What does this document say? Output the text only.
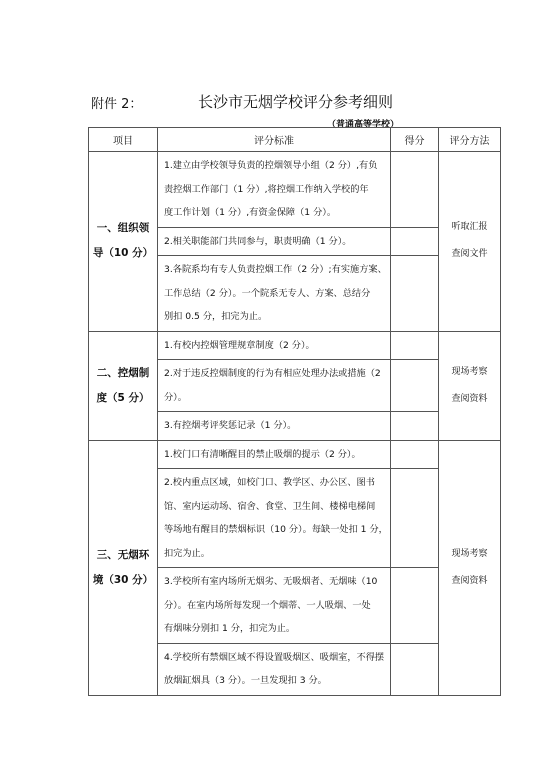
附件 2：	长沙市无烟学校评分参考细则
（普通高等学校）
项目	评分标准	得分	评分方法

一、组织领
导（10 分）	1.建立由学校领导负责的控烟领导小组（2 分）,有负
责控烟工作部门（1 分）,将控烟工作纳入学校的年
度工作计划（1 分）,有资金保障（1 分）。		听取汇报
查阅文件

	2.相关职能部门共同参与，职责明确（1 分）。		

	3.各院系均有专人负责控烟工作（2 分）;有实施方案、
工作总结（2 分）。一个院系无专人、方案、总结分
别扣 0.5 分，扣完为止。		

二、控烟制
度（5 分）	1.有校内控烟管理规章制度（2 分）。		现场考察
查阅资料

	2.对于违反控烟制度的行为有相应处理办法或措施（2
分）。		

	3.有控烟考评奖惩记录（1 分）。		

三、无烟环
境（30 分）	1.校门口有清晰醒目的禁止吸烟的提示（2 分）。		现场考察
查阅资料

	2.校内重点区域，如校门口、教学区、办公区、图书
馆、室内运动场、宿舍、食堂、卫生间、楼梯电梯间
等场地有醒目的禁烟标识（10 分）。每缺一处扣 1 分，
扣完为止。		

	3.学校所有室内场所无烟劣、无吸烟者、无烟味（10
分）。在室内场所每发现一个烟蒂、一人吸烟、一处
有烟味分别扣 1 分，扣完为止。		

	4.学校所有禁烟区域不得设置吸烟区、吸烟室，不得摆
放烟缸烟具（3 分）。一旦发现扣 3 分。		
